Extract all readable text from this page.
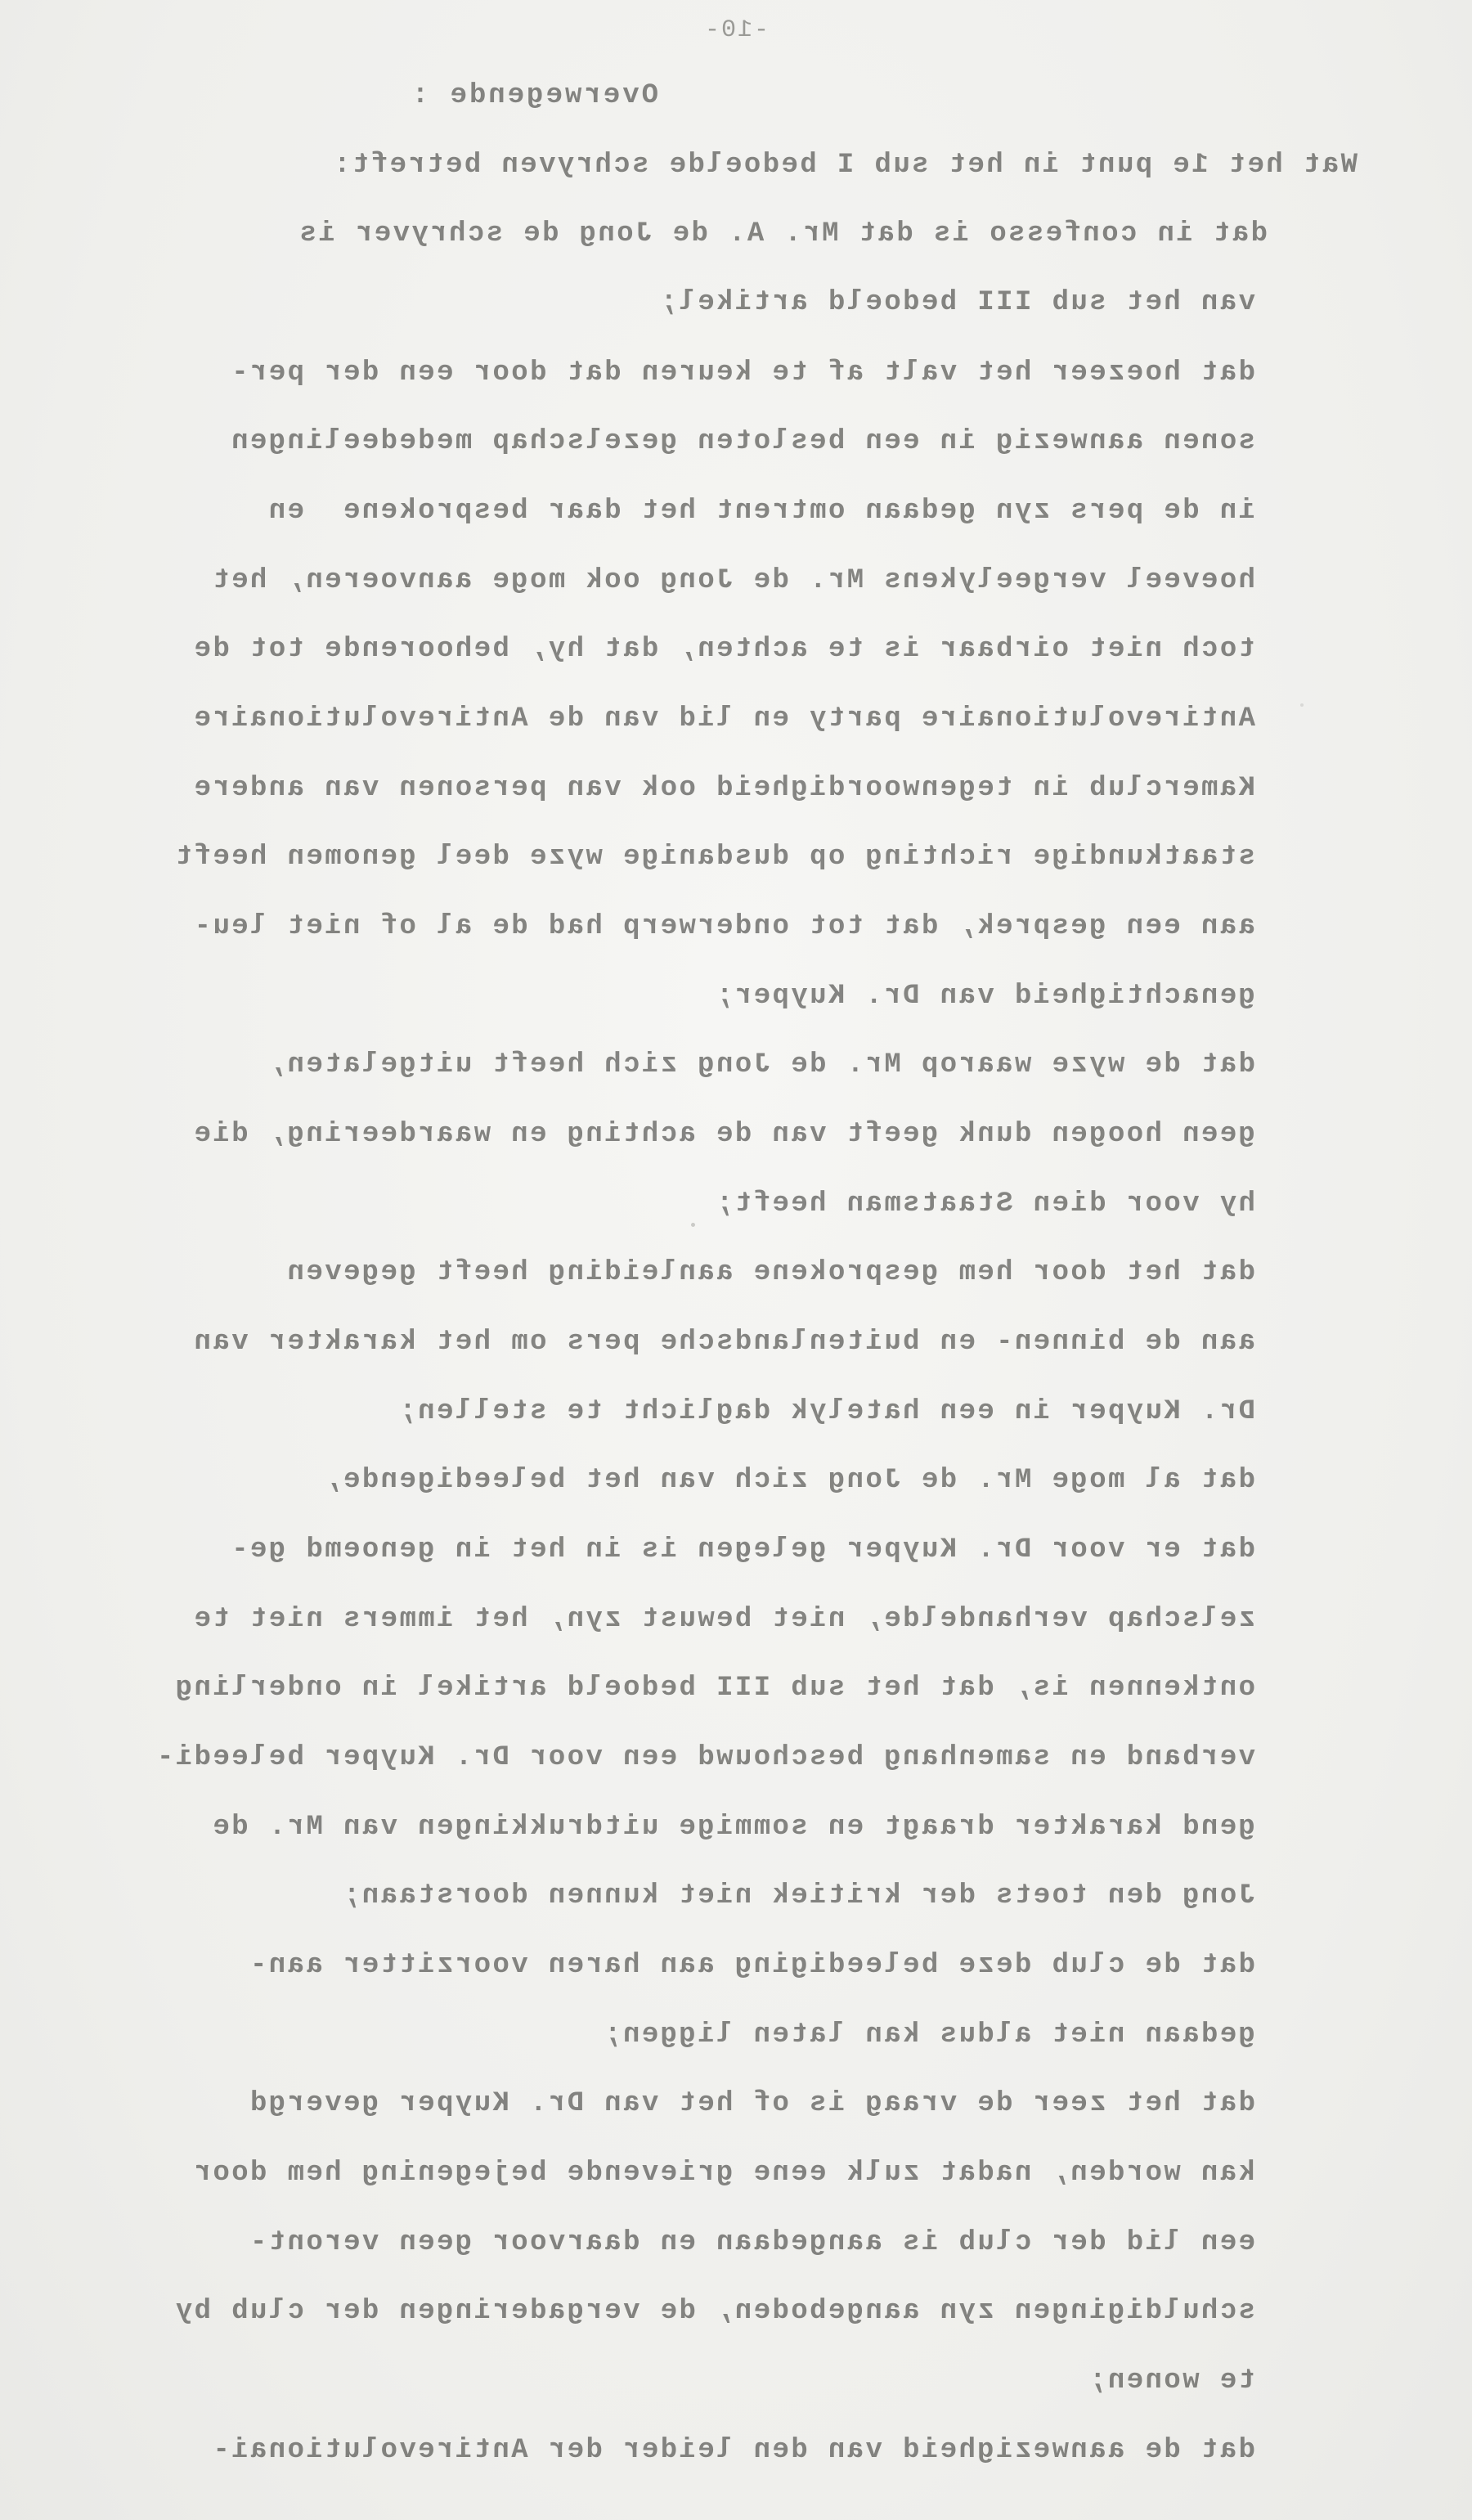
-10-
Overwegende :
Wat het 1e punt in het sub I bedoelde schryven betreft:
dat in confesso is dat Mr. A. de Jong de schryver is
van het sub III bedoeld artikel;
dat hoezeer het valt af te keuren dat door een der per-
sonen aanwezig in een besloten gezelschap mededeelingen
in de pers zyn gedaan omtrent het daar besprokene  en
hoeveel vergeelykens Mr. de Jong ook moge aanvoeren, het
toch niet oirbaar is te achten, dat hy, behoorende tot de
Antirevolutionaire party en lid van de Antirevolutionaire
Kamerclub in tegenwoordigheid ook van personen van andere
staatkundige richting op dusdanige wyze deel genomen heeft
aan een gesprek, dat tot onderwerp had de al of niet leu-
genachtigheid van Dr. Kuyper;
dat de wyze waarop Mr. de Jong zich heeft uitgelaten,
geen hoogen dunk geeft van de achting en waardeering, die
hy voor dien Staatsman heeft;
dat het door hem gesprokene aanleiding heeft gegeven
aan de binnen- en buitenlandsche pers om het karakter van
Dr. Kuyper in een hatelyk daglicht te stellen;
dat al moge Mr. de Jong zich van het beleedigende,
dat er voor Dr. Kuyper gelegen is in het in genoemd ge-
zelschap verhandelde, niet bewust zyn, het immers niet te
ontkennen is, dat het sub III bedoeld artikel in onderling
verband en samenhang beschouwd een voor Dr. Kuyper beleedi-
gend karakter draagt en sommige uitdrukkingen van Mr. de
Jong den toets der kritiek niet kunnen doorstaan;
dat de club deze beleediging aan haren voorzitter aan-
gedaan niet aldus kan laten liggen;
dat het zeer de vraag is of het van Dr. Kuyper gevergd
kan worden, nadat zulk eene grievende bejegening hem door
een lid der club is aangedaan en daarvoor geen veront-
schuldigingen zyn aangeboden, de vergaderingen der club by
te wonen;
dat de aanwezigheid van den leider der Antirevolutionai-
